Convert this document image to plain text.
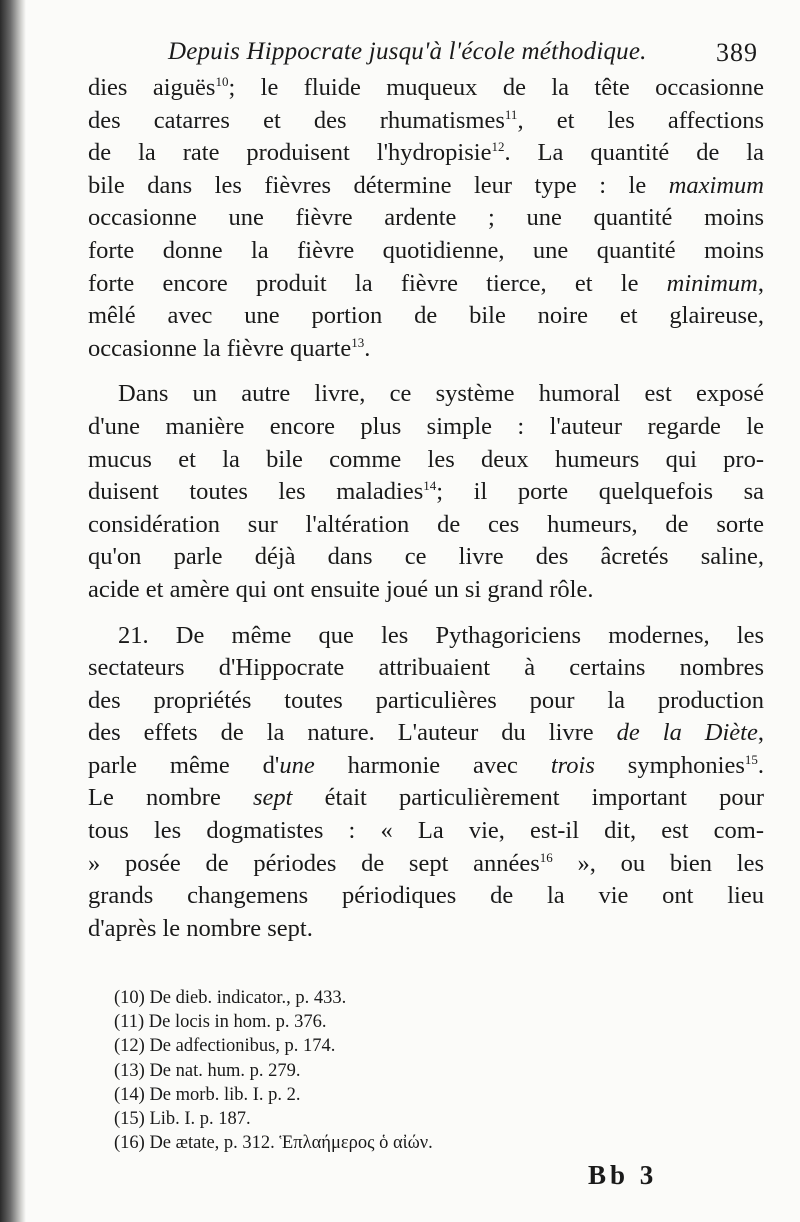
Depuis Hippocrate jusqu'à l'école méthodique.	389
dies aiguës$^{10}$; le fluide muqueux de la tête occasionne
des catarres et des rhumatismes$^{11}$, et les affections
de la rate produisent l'hydropisie$^{12}$. La quantité de la
bile dans les fièvres détermine leur type : le maximum
occasionne une fièvre ardente ; une quantité moins
forte donne la fièvre quotidienne, une quantité moins
forte encore produit la fièvre tierce, et le minimum,
mêlé avec une portion de bile noire et glaireuse,
occasionne la fièvre quarte$^{13}$.
Dans un autre livre, ce système humoral est exposé
d'une manière encore plus simple : l'auteur regarde le
mucus et la bile comme les deux humeurs qui pro-
duisent toutes les maladies$^{14}$; il porte quelquefois sa
considération sur l'altération de ces humeurs, de sorte
qu'on parle déjà dans ce livre des âcretés saline,
acide et amère qui ont ensuite joué un si grand rôle.
21. De même que les Pythagoriciens modernes, les
sectateurs d'Hippocrate attribuaient à certains nombres
des propriétés toutes particulières pour la production
des effets de la nature. L'auteur du livre de la Diète,
parle même d'une harmonie avec trois symphonies$^{15}$.
Le nombre sept était particulièrement important pour
tous les dogmatistes : « La vie, est-il dit, est com-
» posée de périodes de sept années$^{16}$ », ou bien les
grands changemens périodiques de la vie ont lieu
d'après le nombre sept.
(10) De dieb. indicator., p. 433.
(11) De locis in hom. p. 376.
(12) De adfectionibus, p. 174.
(13) De nat. hum. p. 279.
(14) De morb. lib. I. p. 2.
(15) Lib. I. p. 187.
(16) De ætate, p. 312. Ἑπλαήμερος ὁ αἰών.
Bb 3
